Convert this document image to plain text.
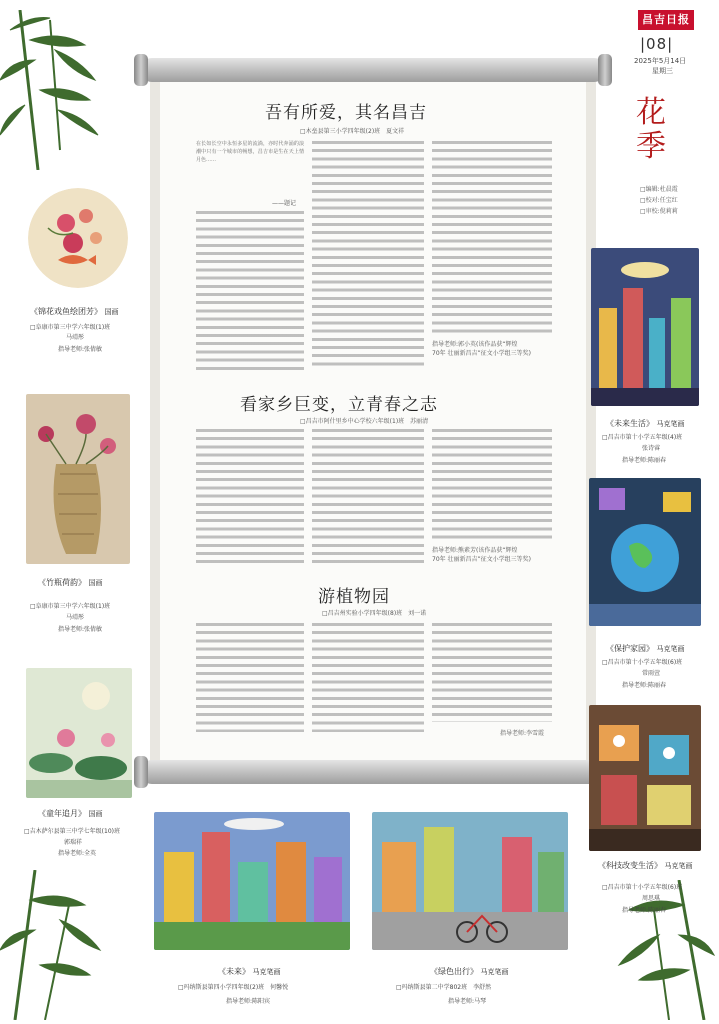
昌吉日报
|08|
2025年5月14日
星期三
花季
□编辑:杜晨霞
□校对:任宝红
□审校:倪莉莉
吾有所爱，其名昌吉
□木垒县第三小学四年级(2)班　夏文祥
在长如长空中永恒多星的流淌，亦时代奔涌的浪潮中只有一个城市的畅想，昌吉市是生在天上情月色……
——题记
指导老师:郭小英(该作品获“辉煌
70年 壮丽新昌吉”征文小学组三等奖)
看家乡巨变，立青春之志
□昌吉市阿什里乡中心学校六年级(1)班　苏丽清
指导老师:熊素芳(该作品获“辉煌
70年 壮丽新昌吉”征文小学组三等奖)
游植物园
□昌吉州实验小学四年级(8)班　刘一诺
指导老师:李雪霞
《锦花戏鱼绘团芳》 国画
□阜康市第三中学六年级(1)班
马靖彤
指导老师:张倩敏
《竹瓶荷韵》 国画
□阜康市第三中学六年级(1)班
马靖彤
指导老师:张倩敏
《童年追月》 国画
□吉木萨尔县第三中学七年级(10)班
郭瑞祥
指导老师:全英
《未来生活》 马克笔画
□昌吉市第十小学五年级(4)班
张诗睿
指导老师:陈丽春
《保护家园》 马克笔画
□昌吉市第十小学五年级(6)班
常雨萱
指导老师:陈丽春
《科技改变生活》 马克笔画
□昌吉市第十小学五年级(6)班
周思琪
指导老师:陈丽春
《未来》 马克笔画
□玛纳斯县第四小学四年级(2)班　何馨悦
指导老师:陈阳宾
《绿色出行》 马克笔画
□玛纳斯县第二中学802班　李舒然
指导老师:马琴
